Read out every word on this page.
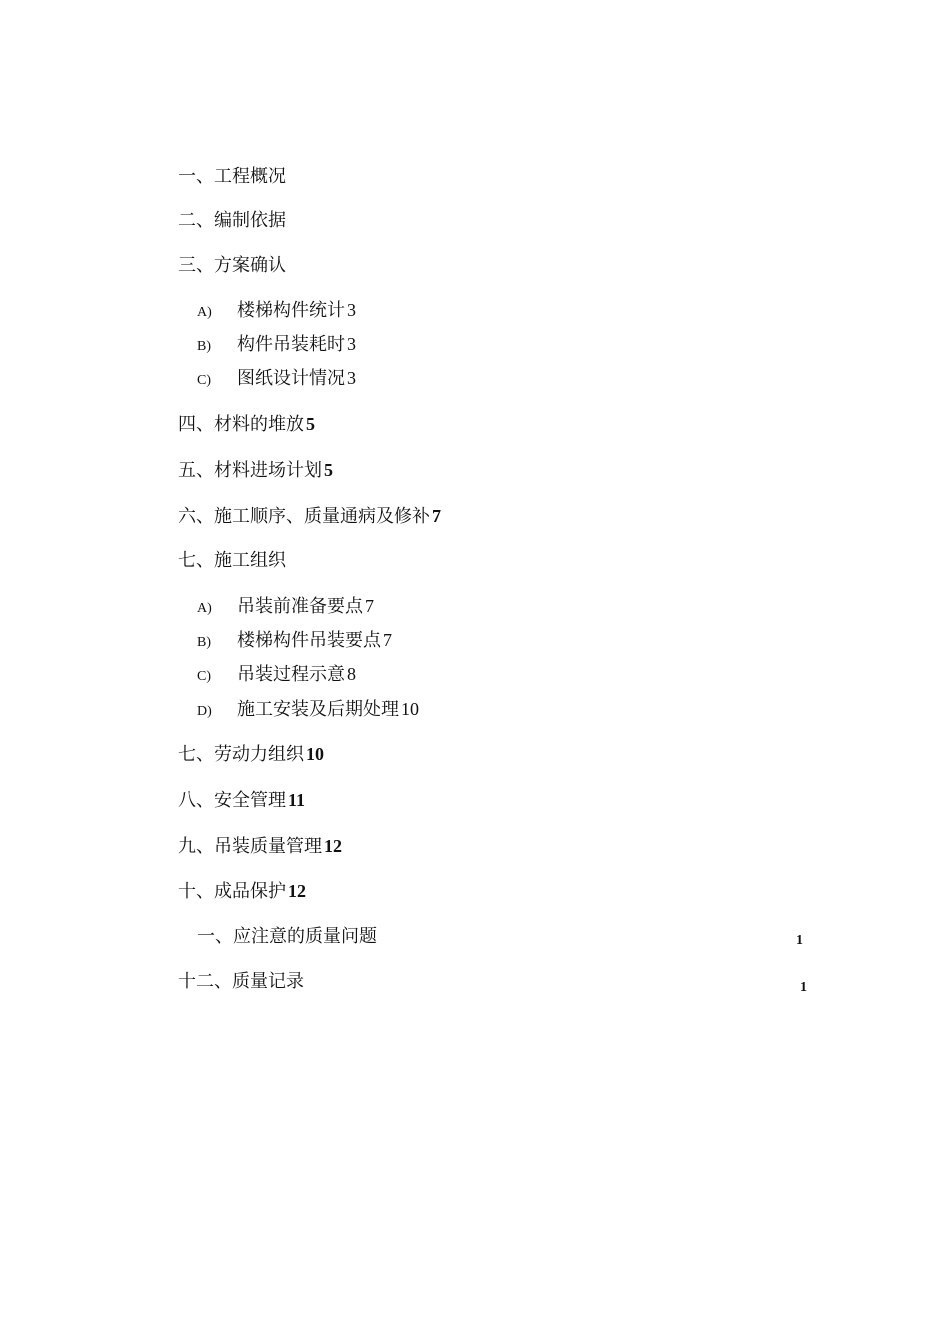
一、工程概况
二、编制依据
三、方案确认
A) 楼梯构件统计 3
B) 构件吊装耗时 3
C) 图纸设计情况 3
四、材料的堆放 5
五、材料进场计划 5
六、施工顺序、质量通病及修补 7
七、施工组织
A) 吊装前准备要点 7
B) 楼梯构件吊装要点 7
C) 吊装过程示意 8
D) 施工安装及后期处理 10
七、劳动力组织 10
八、安全管理 11
九、吊装质量管理 12
十、成品保护 12
一、应注意的质量问题	1
十二、质量记录	1
